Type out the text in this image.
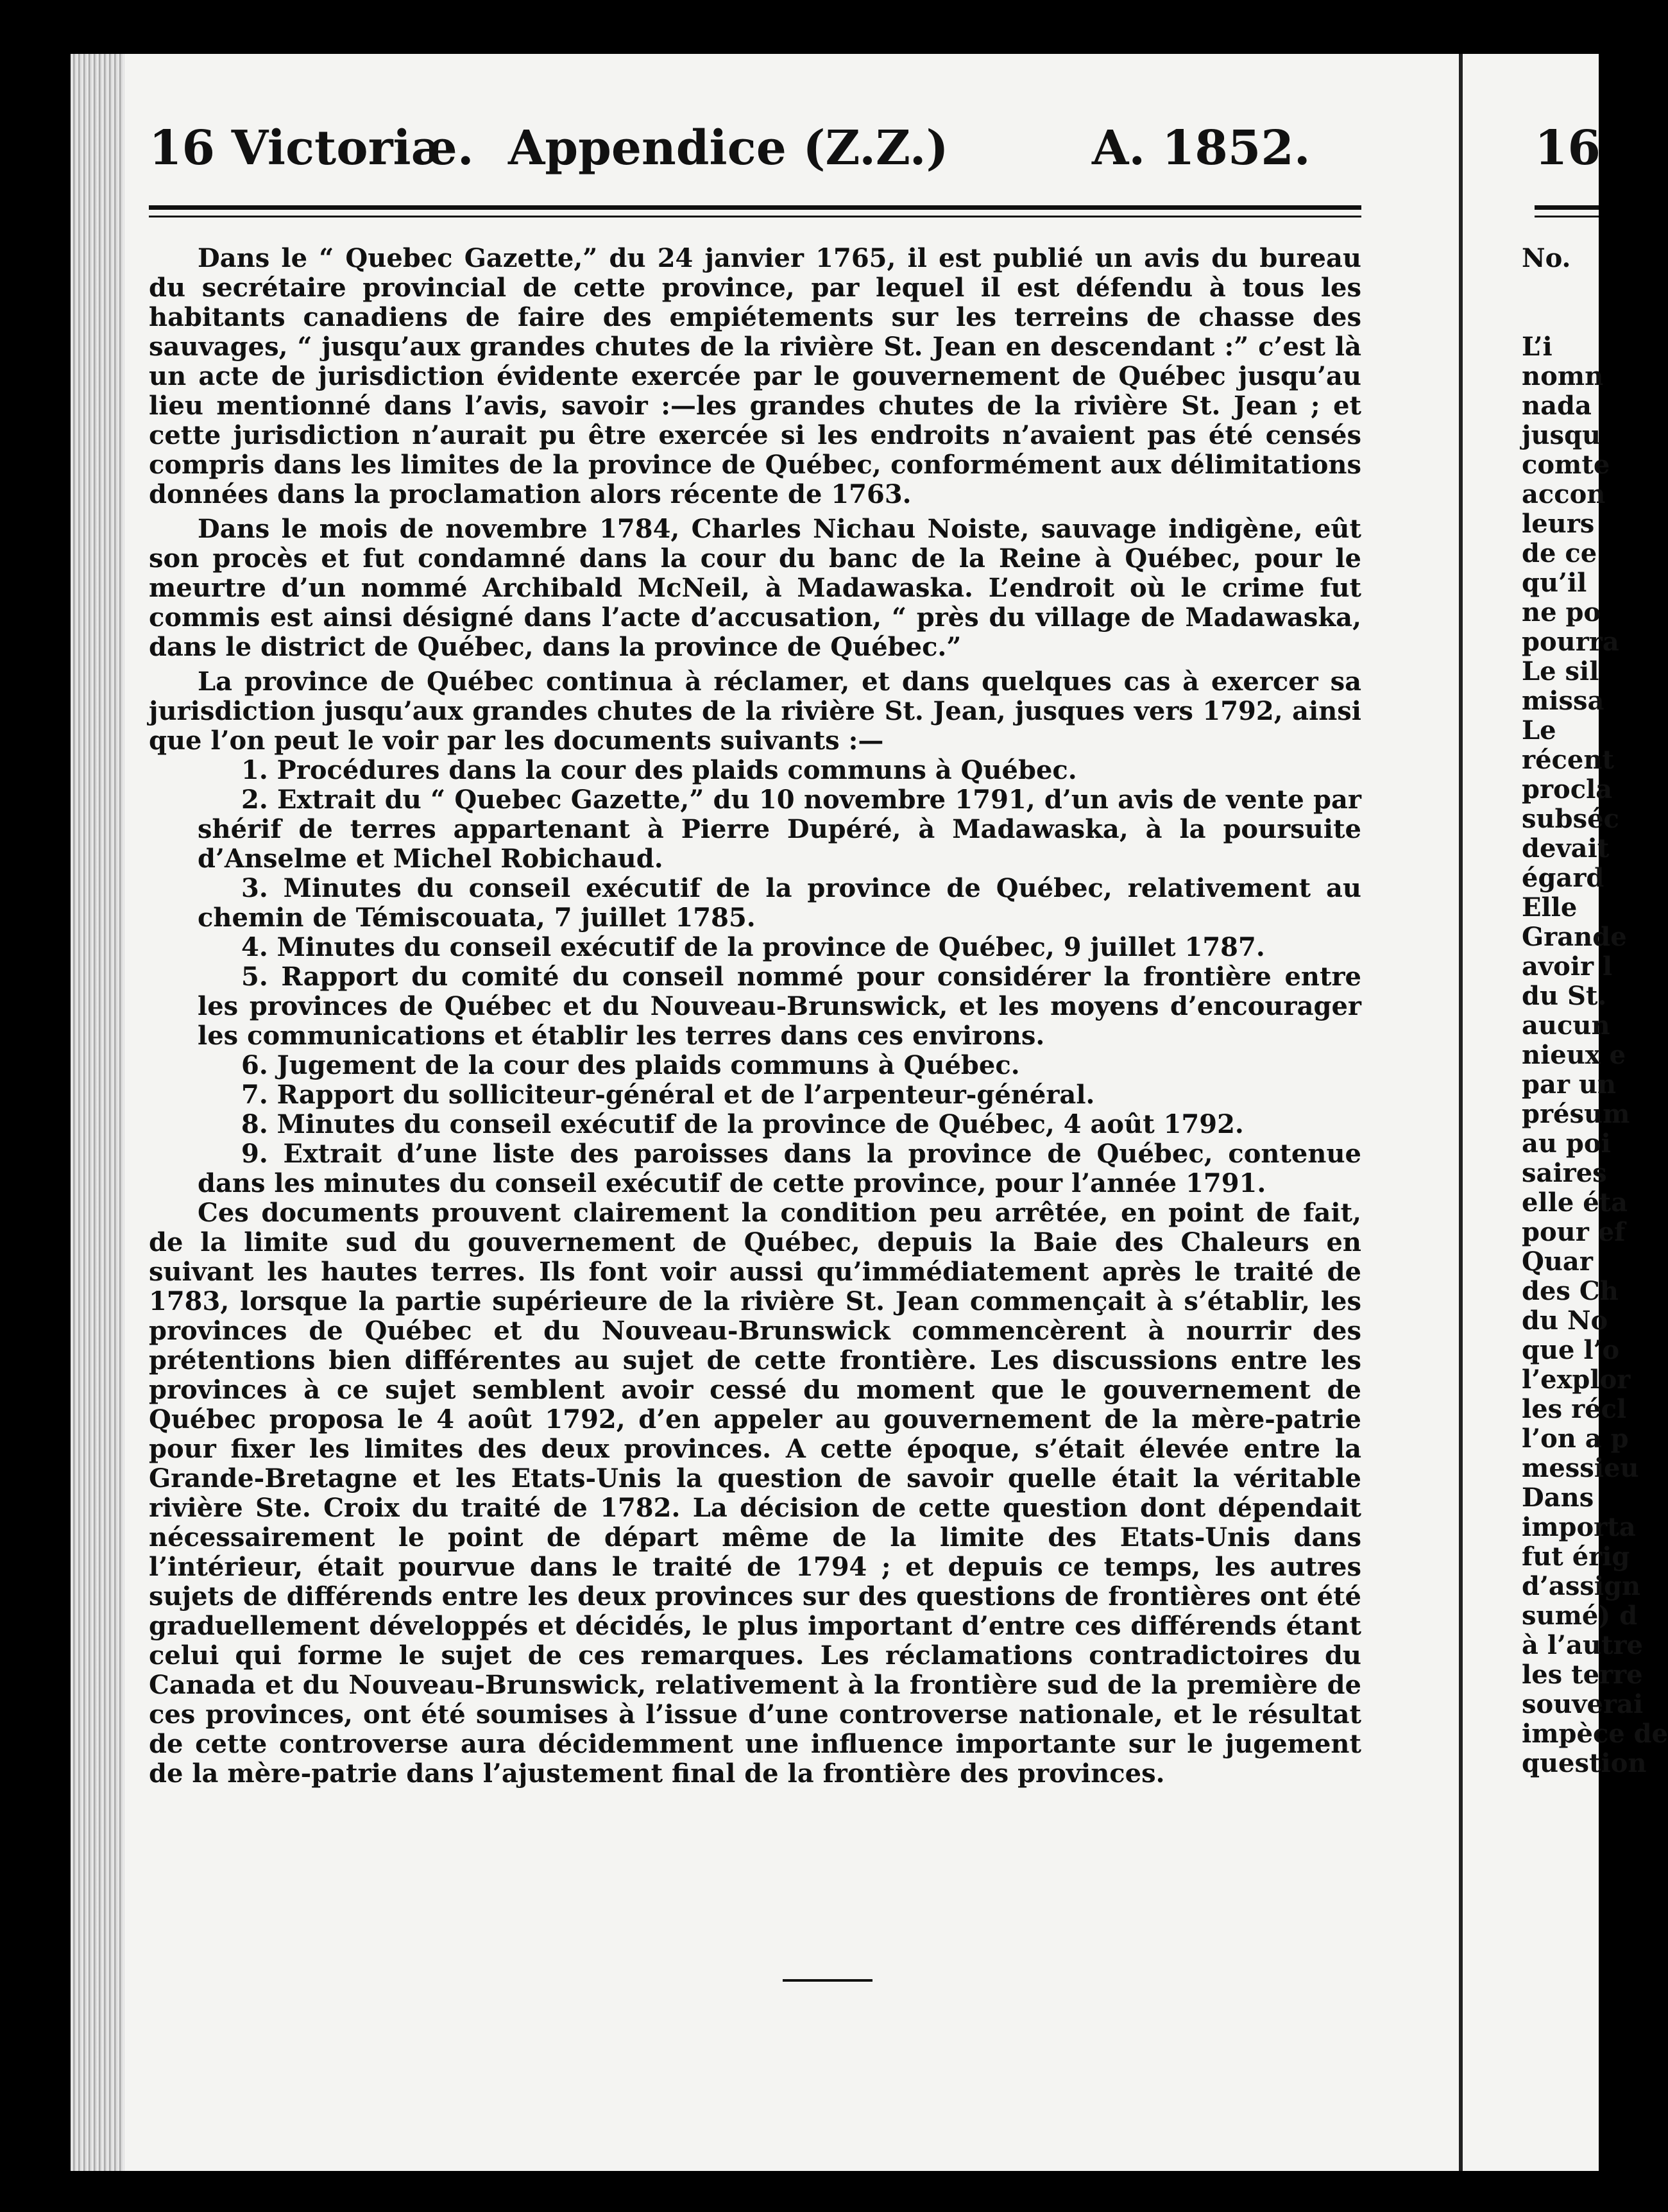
16 Victoriæ. Appendice (Z.Z.)	A. 1852.

Dans le “ Quebec Gazette,” du 24 janvier 1765, il est publié un avis du bureau du secrétaire provincial de cette province, par lequel il est défendu à tous les habitants canadiens de faire des empiétements sur les terreins de chasse des sauvages, “ jusqu’aux grandes chutes de la rivière St. Jean en descendant :” c’est là un acte de jurisdiction évidente exercée par le gouvernement de Québec jusqu’au lieu mentionné dans l’avis, savoir :—les grandes chutes de la rivière St. Jean ; et cette jurisdiction n’aurait pu être exercée si les endroits n’avaient pas été censés compris dans les limites de la province de Québec, conformément aux délimitations données dans la proclamation alors récente de 1763.

Dans le mois de novembre 1784, Charles Nichau Noiste, sauvage indigène, eût son procès et fut condamné dans la cour du banc de la Reine à Québec, pour le meurtre d’un nommé Archibald McNeil, à Madawaska. L’endroit où le crime fut commis est ainsi désigné dans l’acte d’accusation, “ près du village de Madawaska, dans le district de Québec, dans la province de Québec.”

La province de Québec continua à réclamer, et dans quelques cas à exercer sa jurisdiction jusqu’aux grandes chutes de la rivière St. Jean, jusques vers 1792, ainsi que l’on peut le voir par les documents suivants :—

1. Procédures dans la cour des plaids communs à Québec.
2. Extrait du “ Quebec Gazette,” du 10 novembre 1791, d’un avis de vente par shérif de terres appartenant à Pierre Dupéré, à Madawaska, à la poursuite d’Anselme et Michel Robichaud.
3. Minutes du conseil exécutif de la province de Québec, relativement au chemin de Témiscouata, 7 juillet 1785.
4. Minutes du conseil exécutif de la province de Québec, 9 juillet 1787.
5. Rapport du comité du conseil nommé pour considérer la frontière entre les provinces de Québec et du Nouveau-Brunswick, et les moyens d’encourager les communications et établir les terres dans ces environs.
6. Jugement de la cour des plaids communs à Québec.
7. Rapport du solliciteur-général et de l’arpenteur-général.
8. Minutes du conseil exécutif de la province de Québec, 4 août 1792.
9. Extrait d’une liste des paroisses dans la province de Québec, contenue dans les minutes du conseil exécutif de cette province, pour l’année 1791.

Ces documents prouvent clairement la condition peu arrêtée, en point de fait, de la limite sud du gouvernement de Québec, depuis la Baie des Chaleurs en suivant les hautes terres. Ils font voir aussi qu’immédiatement après le traité de 1783, lorsque la partie supérieure de la rivière St. Jean commençait à s’établir, les provinces de Québec et du Nouveau-Brunswick commencèrent à nourrir des prétentions bien différentes au sujet de cette frontière. Les discussions entre les provinces à ce sujet semblent avoir cessé du moment que le gouvernement de Québec proposa le 4 août 1792, d’en appeler au gouvernement de la mère-patrie pour fixer les limites des deux provinces. A cette époque, s’était élevée entre la Grande-Bretagne et les Etats-Unis la question de savoir quelle était la véritable rivière Ste. Croix du traité de 1782. La décision de cette question dont dépendait nécessairement le point de départ même de la limite des Etats-Unis dans l’intérieur, était pourvue dans le traité de 1794 ; et depuis ce temps, les autres sujets de différends entre les deux provinces sur des questions de frontières ont été graduellement développés et décidés, le plus important d’entre ces différends étant celui qui forme le sujet de ces remarques. Les réclamations contradictoires du Canada et du Nouveau-Brunswick, relativement à la frontière sud de la première de ces provinces, ont été soumises à l’issue d’une controverse nationale, et le résultat de cette controverse aura décidemment une influence importante sur le jugement de la mère-patrie dans l’ajustement final de la frontière des provinces.

16
No.
L’i
nomn
nada
jusqu
comte
accon
leurs
de ce
qu’il
ne po
pourra
Le sil
missa
Le
récent
procla
subséc
devait
égard
Elle
Grande
avoir l
du St.
aucun
nieux e
par un
présum
au poi
saires
elle éta
pour ef
Quar
des Ch
du No
que l’o
l’explor
les récl
l’on a p
messieu
Dans
importa
fut érig
d’assign
sumé) d
à l’autre
les terre
souverai
impèce de
question
